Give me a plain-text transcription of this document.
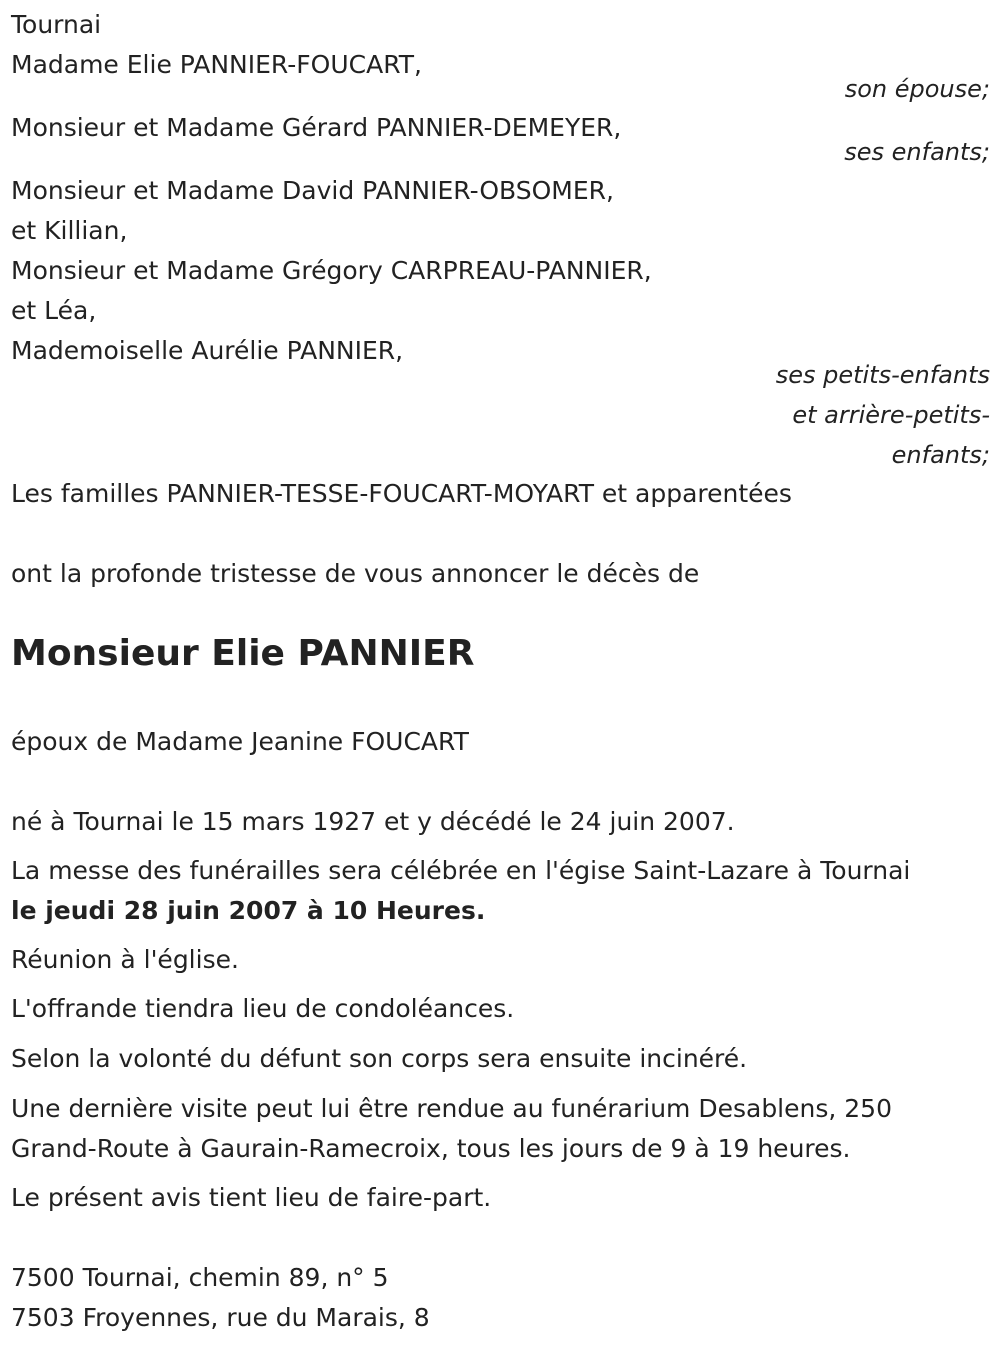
Tournai
Madame Elie PANNIER-FOUCART,
son épouse;
Monsieur et Madame Gérard PANNIER-DEMEYER,
ses enfants;
Monsieur et Madame David PANNIER-OBSOMER,
et Killian,
Monsieur et Madame Grégory CARPREAU-PANNIER,
et Léa,
Mademoiselle Aurélie PANNIER,
ses petits-enfants
et arrière-petits-
enfants;
Les familles PANNIER-TESSE-FOUCART-MOYART et apparentées
ont la profonde tristesse de vous annoncer le décès de
Monsieur Elie PANNIER
époux de Madame Jeanine FOUCART
né à Tournai le 15 mars 1927 et y décédé le 24 juin 2007.
La messe des funérailles sera célébrée en l'égise Saint-Lazare à Tournai
le jeudi 28 juin 2007 à 10 Heures.
Réunion à l'église.
L'offrande tiendra lieu de condoléances.
Selon la volonté du défunt son corps sera ensuite incinéré.
Une dernière visite peut lui être rendue au funérarium Desablens, 250
Grand-Route à Gaurain-Ramecroix, tous les jours de 9 à 19 heures.
Le présent avis tient lieu de faire-part.
7500 Tournai, chemin 89, n° 5
7503 Froyennes, rue du Marais, 8
